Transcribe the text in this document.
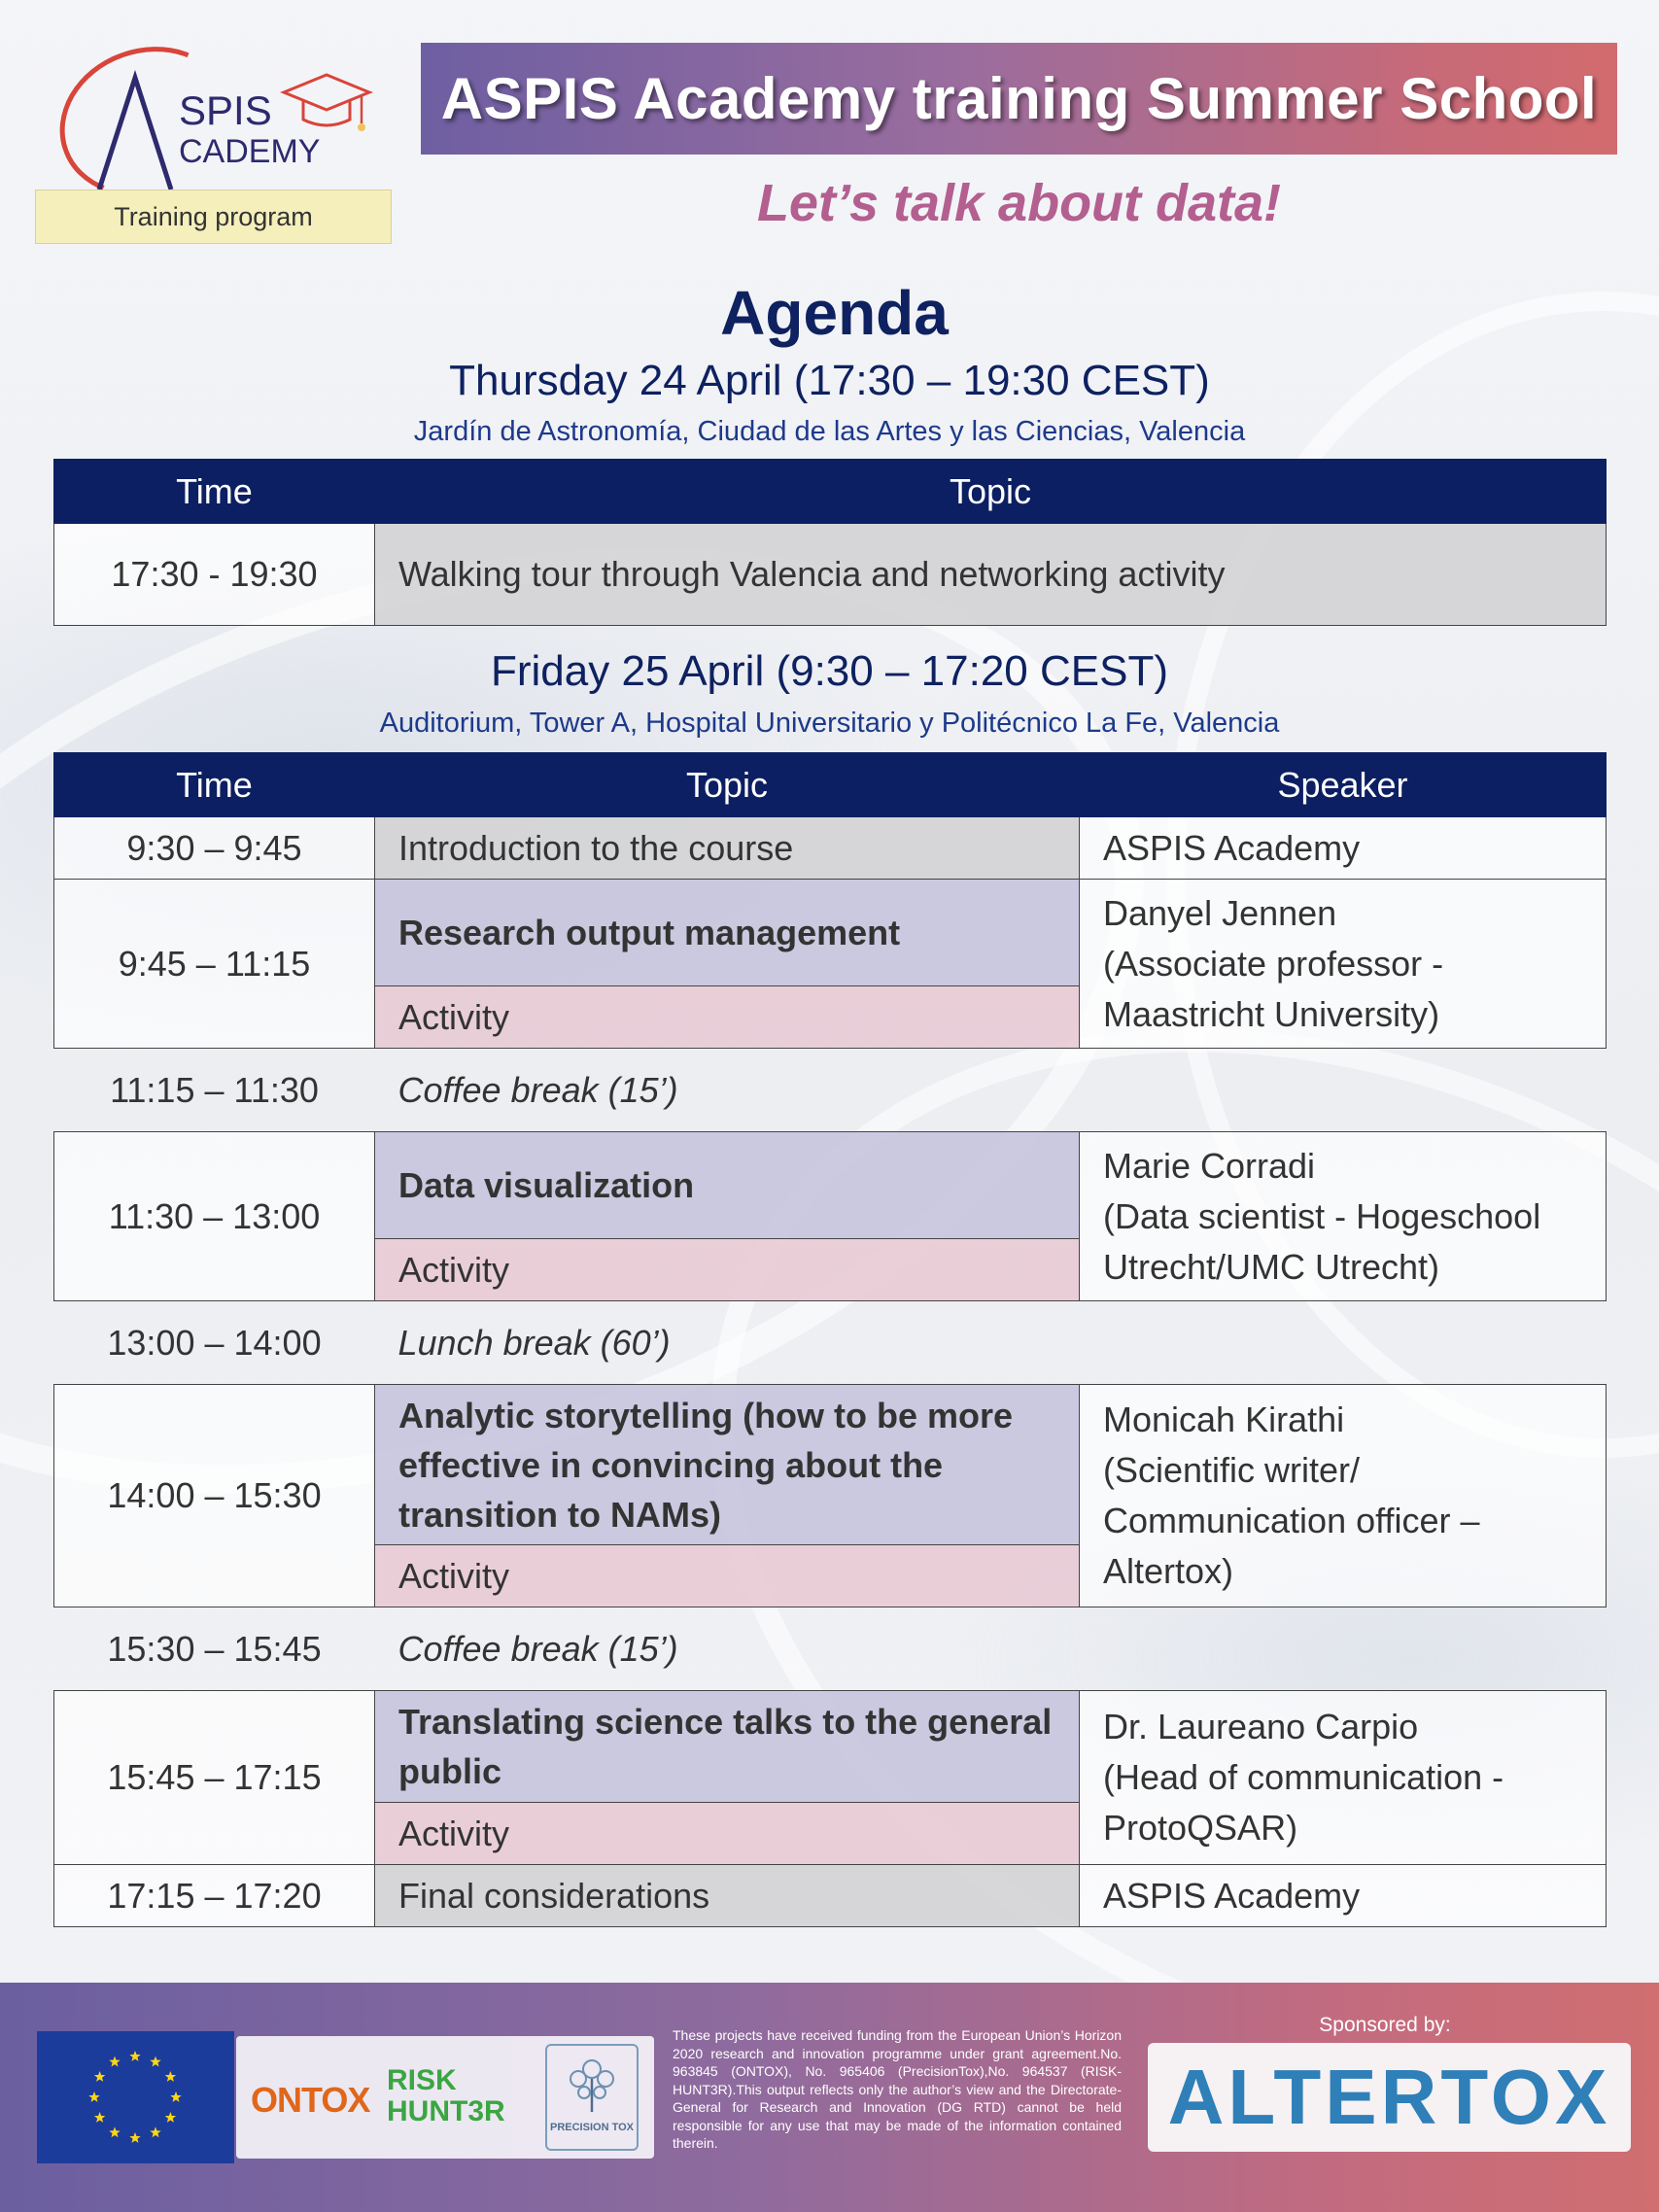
SPIS
CADEMY
Training program
ASPIS Academy training Summer School
Let’s talk about data!
Agenda
Thursday 24 April (17:30 – 19:30 CEST)
Jardín de Astronomía, Ciudad de las Artes y las Ciencias, Valencia
Time	Topic
17:30 - 19:30	Walking tour through Valencia and networking activity
Friday 25 April (9:30 – 17:20 CEST)
Auditorium, Tower A, Hospital Universitario y Politécnico La Fe, Valencia
Time	Topic	Speaker
9:30 – 9:45	Introduction to the course	ASPIS Academy
9:45 – 11:15	Research output management	Danyel Jennen
(Associate professor - Maastricht University)

	Activity	
11:15 – 11:30	Coffee break (15’)	
11:30 – 13:00	Data visualization	Marie Corradi
(Data scientist - Hogeschool Utrecht/UMC Utrecht)

	Activity	
13:00 – 14:00	Lunch break (60’)	
14:00 – 15:30	Analytic storytelling (how to be more effective in convincing about the transition to NAMs)	Monicah Kirathi
(Scientific writer/ Communication officer – Altertox)

	Activity	
15:30 – 15:45	Coffee break (15’)	
15:45 – 17:15	Translating science talks to the general public	Dr. Laureano Carpio
(Head of communication - ProtoQSAR)

	Activity	
17:15 – 17:20	Final considerations	ASPIS Academy
ONTOX RISK
HUNT3R	PRECISION TOX
These projects have received funding from the European Union’s Horizon 2020 research and innovation programme under grant agreement.No. 963845 (ONTOX), No. 965406 (PrecisionTox),No. 964537 (RISK-HUNT3R).This output reflects only the author’s view and the Directorate-General for Research and Innovation (DG RTD) cannot be held responsible for any use that may be made of the information contained therein.
Sponsored by:
ALTERTOX
